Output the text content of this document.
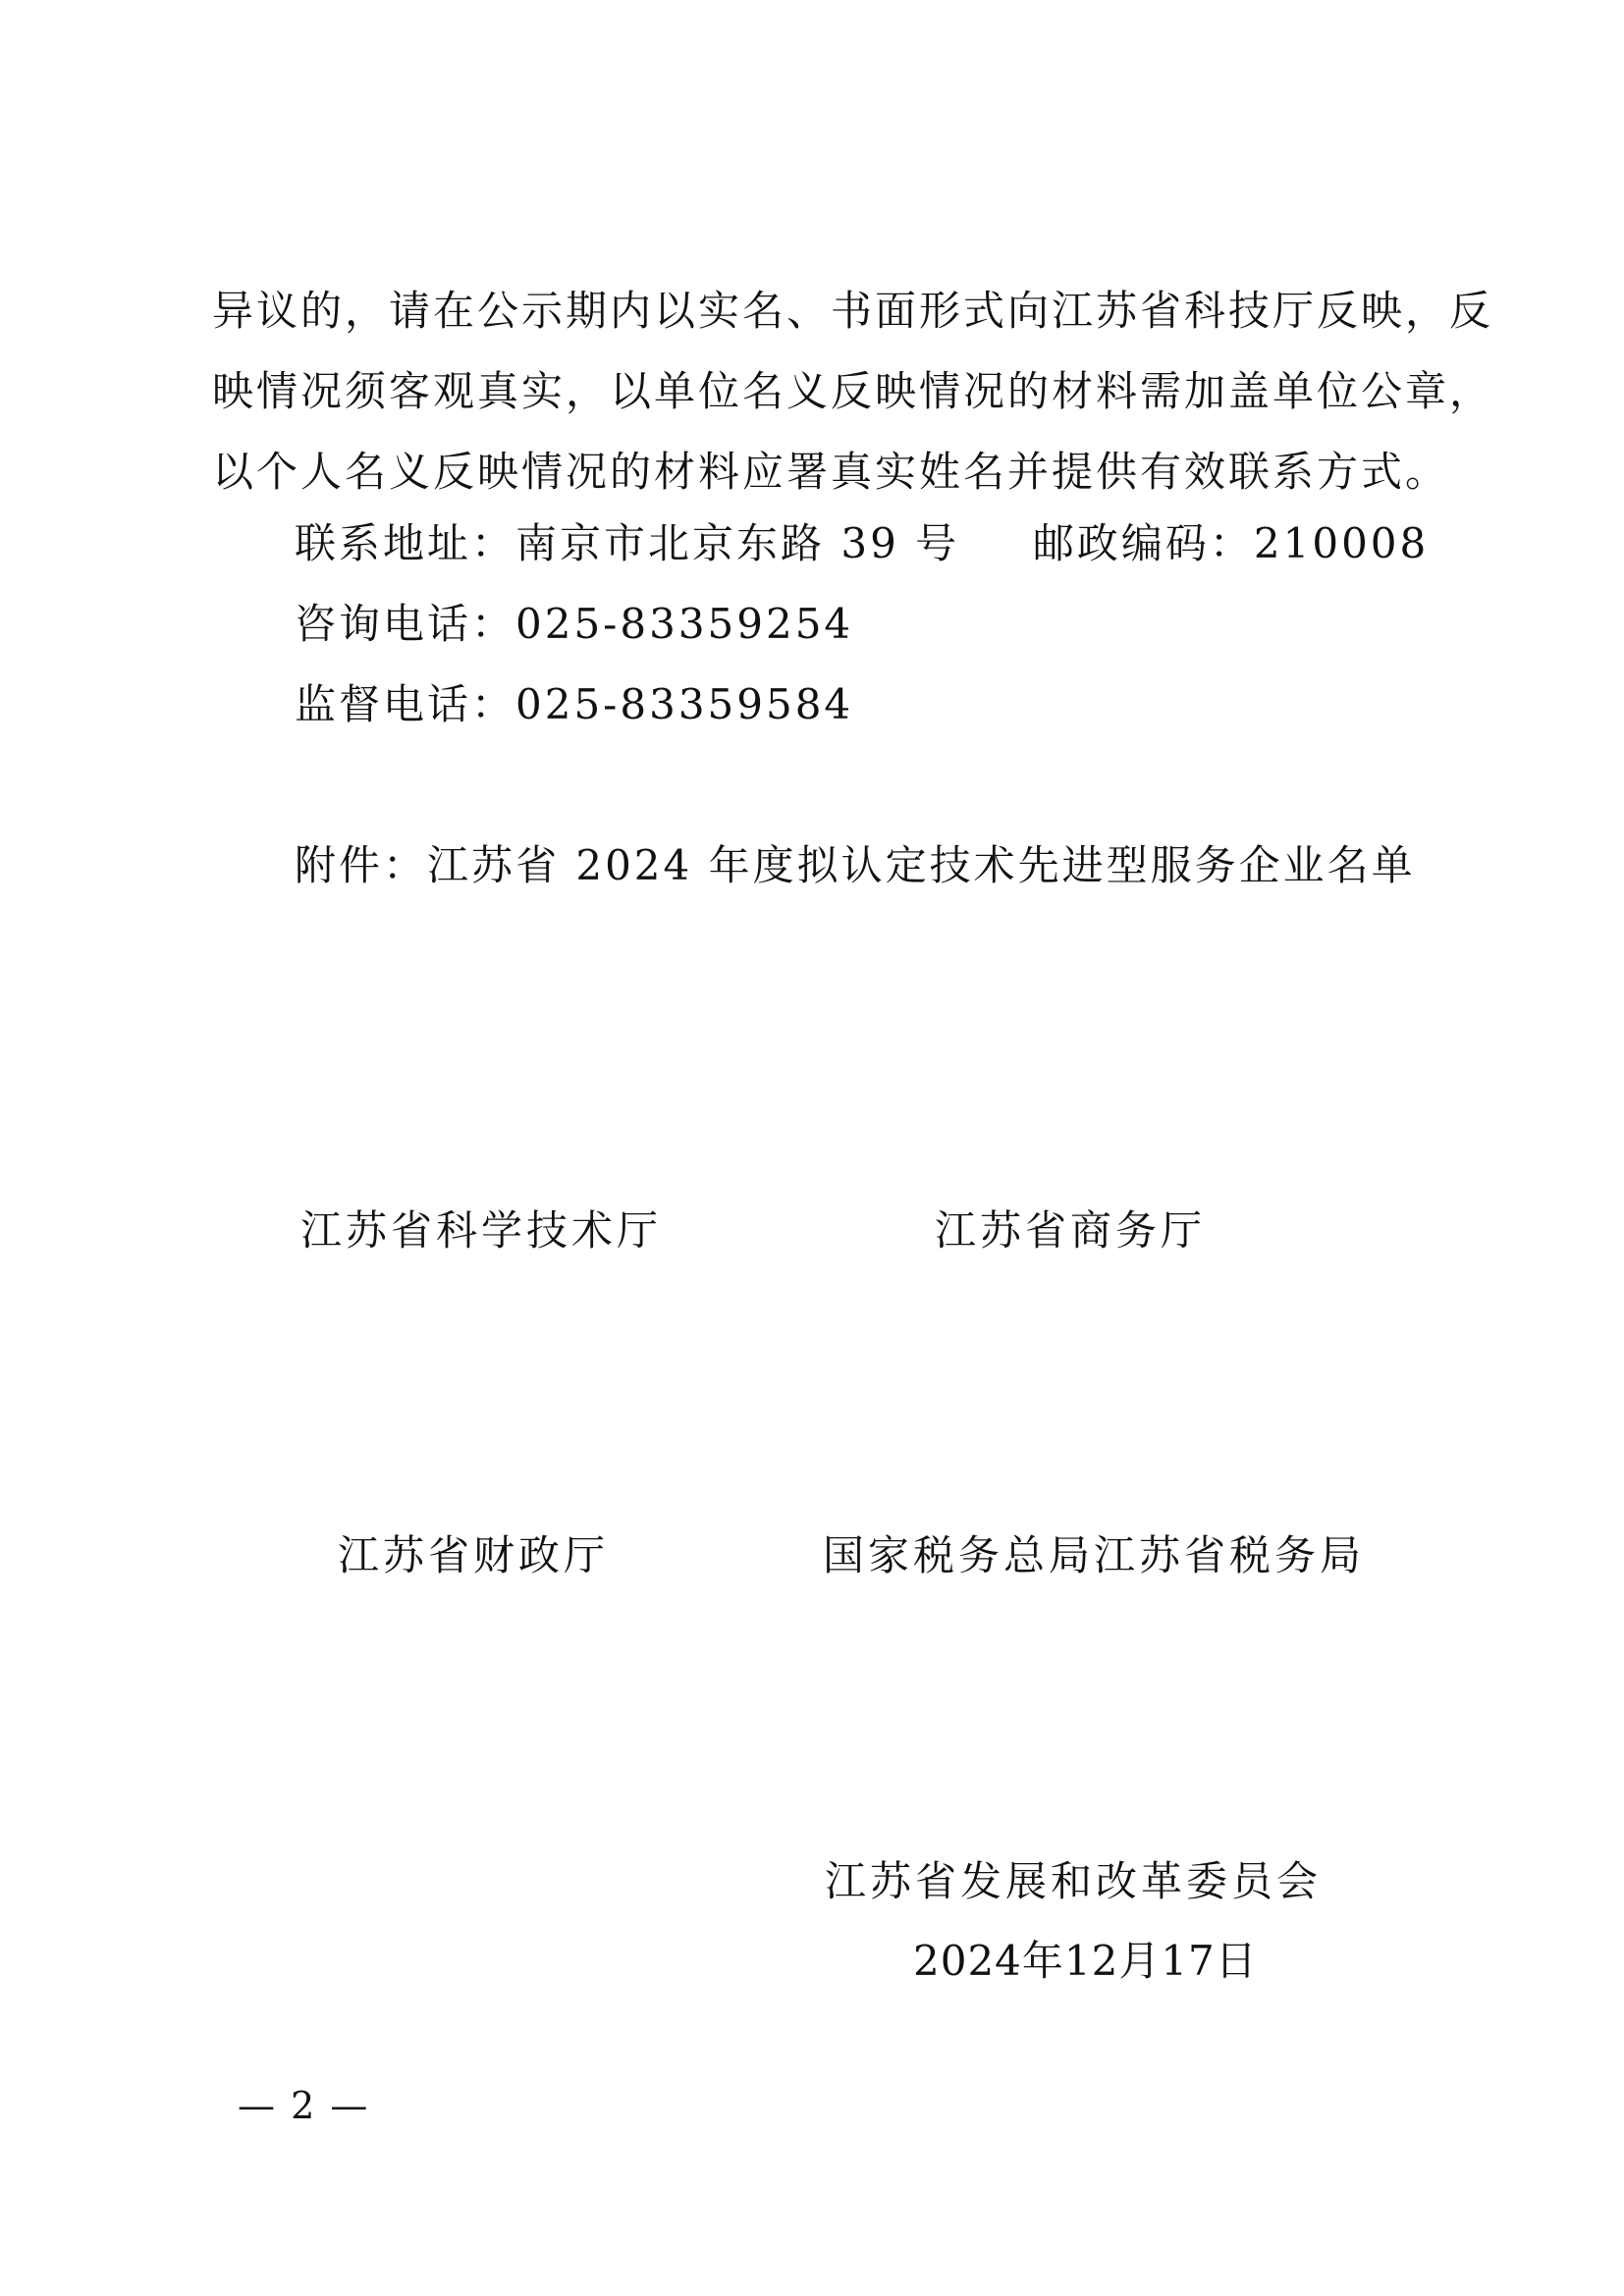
异议的，请在公示期内以实名、书面形式向江苏省科技厅反映，反
映情况须客观真实，以单位名义反映情况的材料需加盖单位公章，
以个人名义反映情况的材料应署真实姓名并提供有效联系方式。
联系地址：南京市北京东路 39 号 邮政编码：210008
咨询电话：025-83359254
监督电话：025-83359584
附件：江苏省 2024 年度拟认定技术先进型服务企业名单
江苏省科学技术厅	江苏省商务厅
江苏省财政厅	国家税务总局江苏省税务局
江苏省发展和改革委员会
2024年12月17日
— 2 —
